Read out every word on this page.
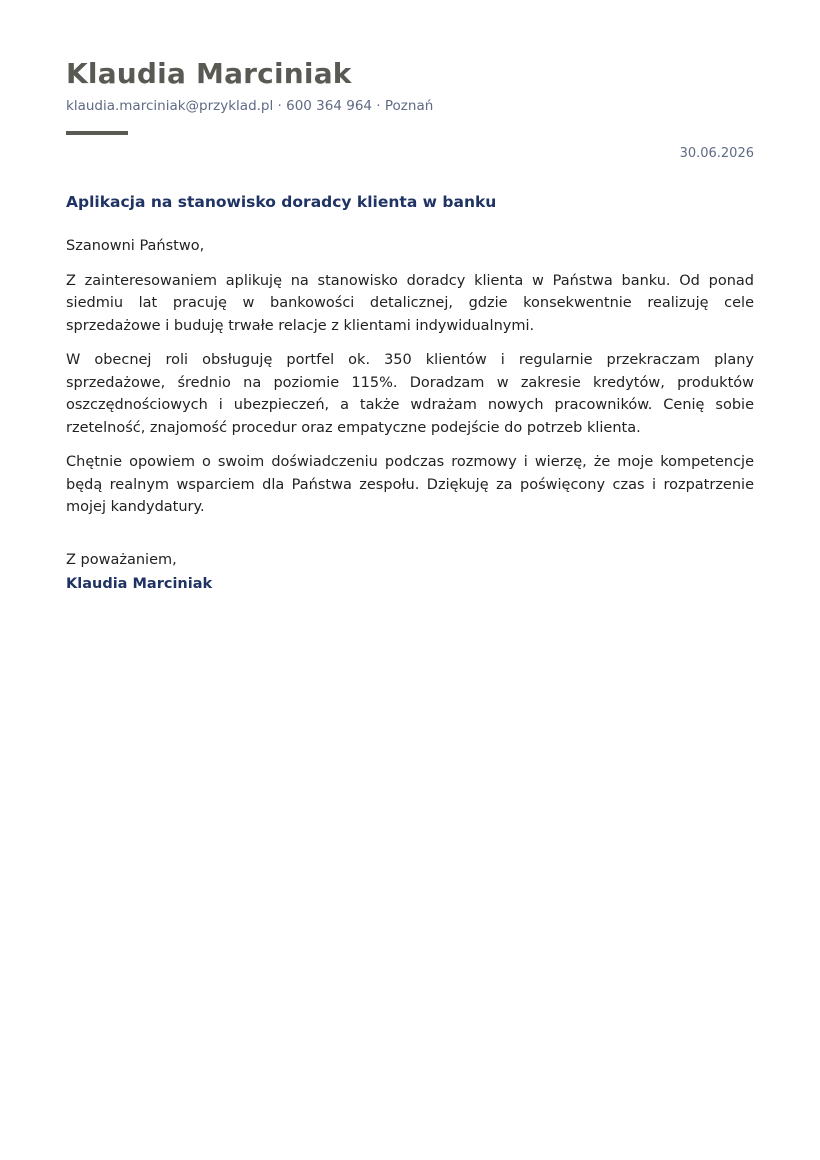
Klaudia Marciniak
klaudia.marciniak@przyklad.pl · 600 364 964 · Poznań
30.06.2026
Aplikacja na stanowisko doradcy klienta w banku

Szanowni Państwo,

Z zainteresowaniem aplikuję na stanowisko doradcy klienta w Państwa banku. Od ponad siedmiu lat pracuję w bankowości detalicznej, gdzie konsekwentnie realizuję cele sprzedażowe i buduję trwałe relacje z klientami indywidualnymi.

W obecnej roli obsługuję portfel ok. 350 klientów i regularnie przekraczam plany sprzedażowe, średnio na poziomie 115%. Doradzam w zakresie kredytów, produktów oszczędnościowych i ubezpieczeń, a także wdrażam nowych pracowników. Cenię sobie rzetelność, znajomość procedur oraz empatyczne podejście do potrzeb klienta.

Chętnie opowiem o swoim doświadczeniu podczas rozmowy i wierzę, że moje kompetencje będą realnym wsparciem dla Państwa zespołu. Dziękuję za poświęcony czas i rozpatrzenie mojej kandydatury.

Z poważaniem,

Klaudia Marciniak
